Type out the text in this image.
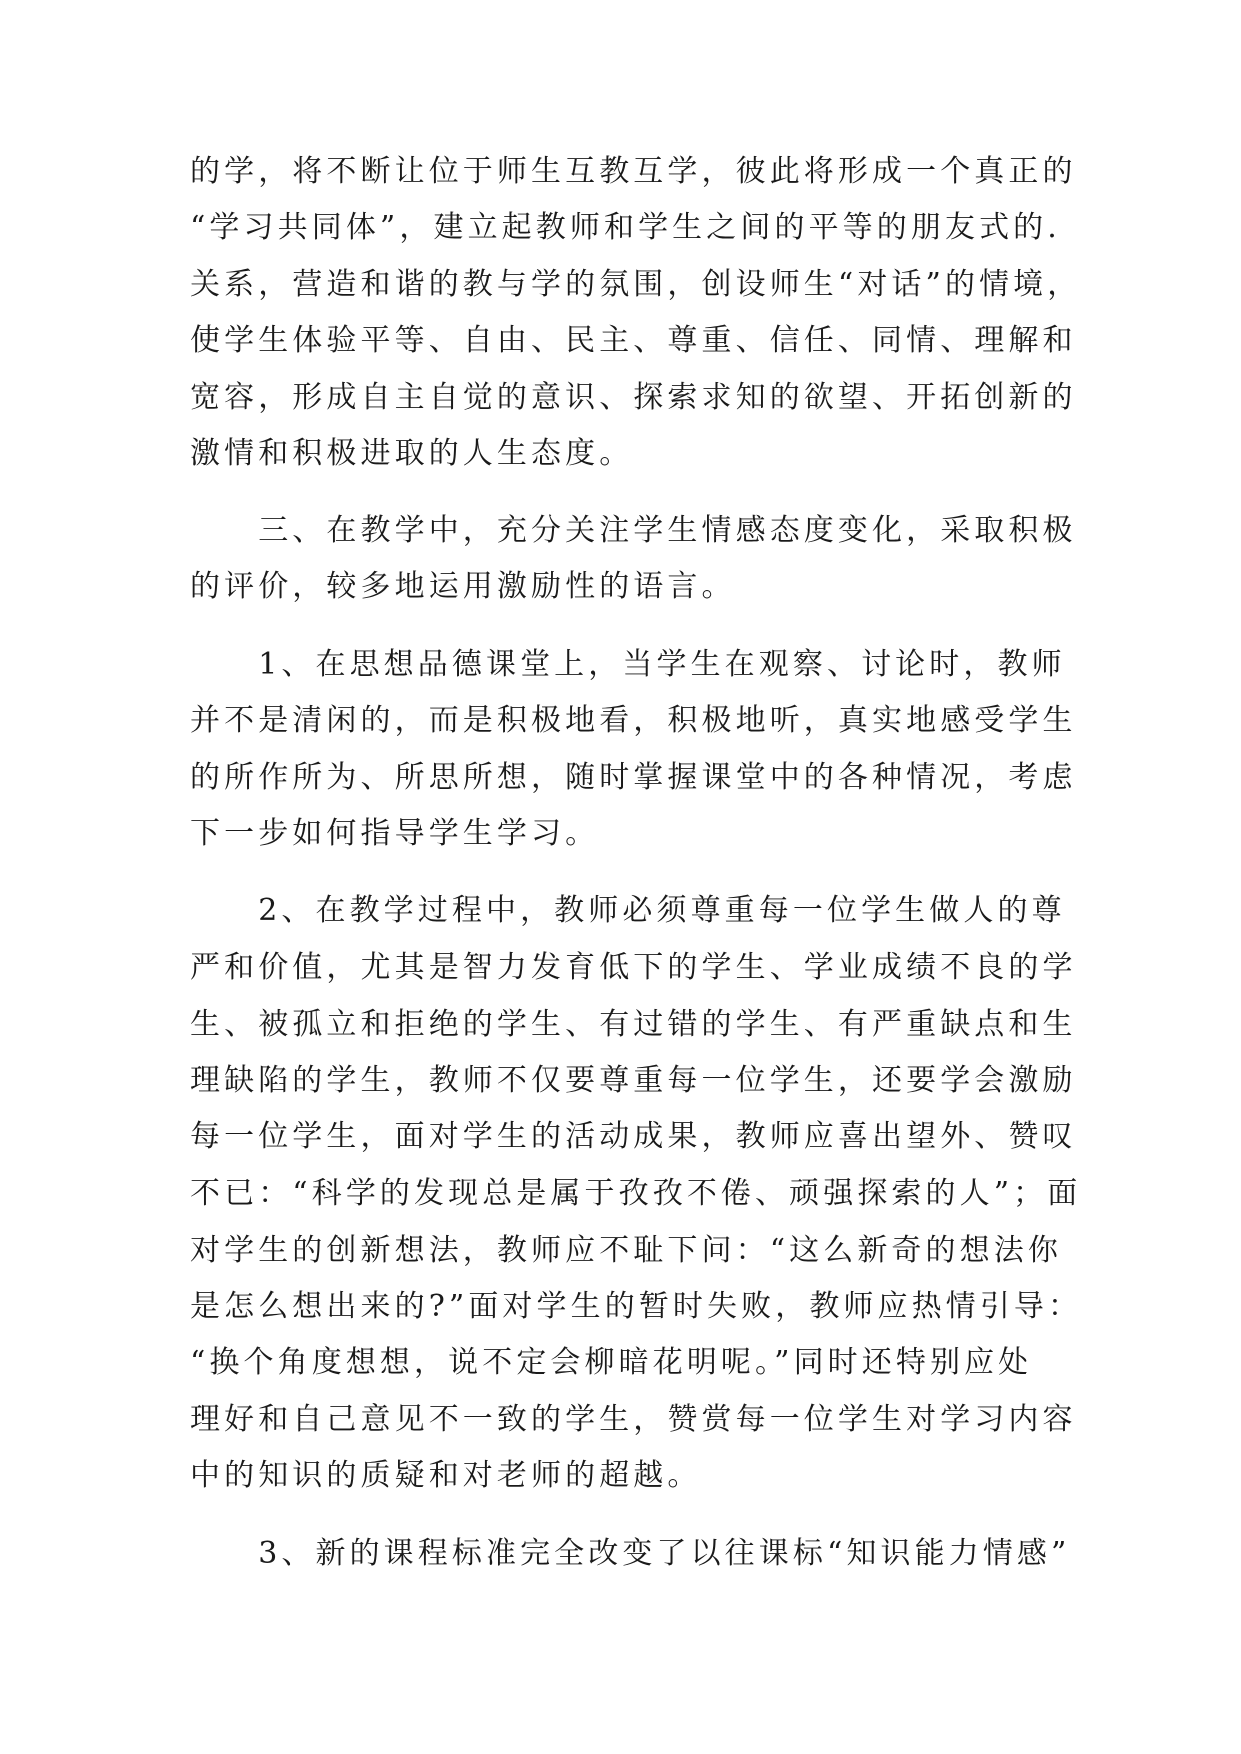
的学，将不断让位于师生互教互学，彼此将形成一个真正的
“学习共同体”，建立起教师和学生之间的平等的朋友式的.
关系，营造和谐的教与学的氛围，创设师生“对话”的情境，
使学生体验平等、自由、民主、尊重、信任、同情、理解和
宽容，形成自主自觉的意识、探索求知的欲望、开拓创新的
激情和积极进取的人生态度。
　　三、在教学中，充分关注学生情感态度变化，采取积极
的评价，较多地运用激励性的语言。
　　1、在思想品德课堂上，当学生在观察、讨论时，教师
并不是清闲的，而是积极地看，积极地听，真实地感受学生
的所作所为、所思所想，随时掌握课堂中的各种情况，考虑
下一步如何指导学生学习。
　　2、在教学过程中，教师必须尊重每一位学生做人的尊
严和价值，尤其是智力发育低下的学生、学业成绩不良的学
生、被孤立和拒绝的学生、有过错的学生、有严重缺点和生
理缺陷的学生，教师不仅要尊重每一位学生，还要学会激励
每一位学生，面对学生的活动成果，教师应喜出望外、赞叹
不已：“科学的发现总是属于孜孜不倦、顽强探索的人”；面
对学生的创新想法，教师应不耻下问：“这么新奇的想法你
是怎么想出来的?”面对学生的暂时失败，教师应热情引导：
“换个角度想想，说不定会柳暗花明呢。”同时还特别应处
理好和自己意见不一致的学生，赞赏每一位学生对学习内容
中的知识的质疑和对老师的超越。
　　3、新的课程标准完全改变了以往课标“知识能力情感”
